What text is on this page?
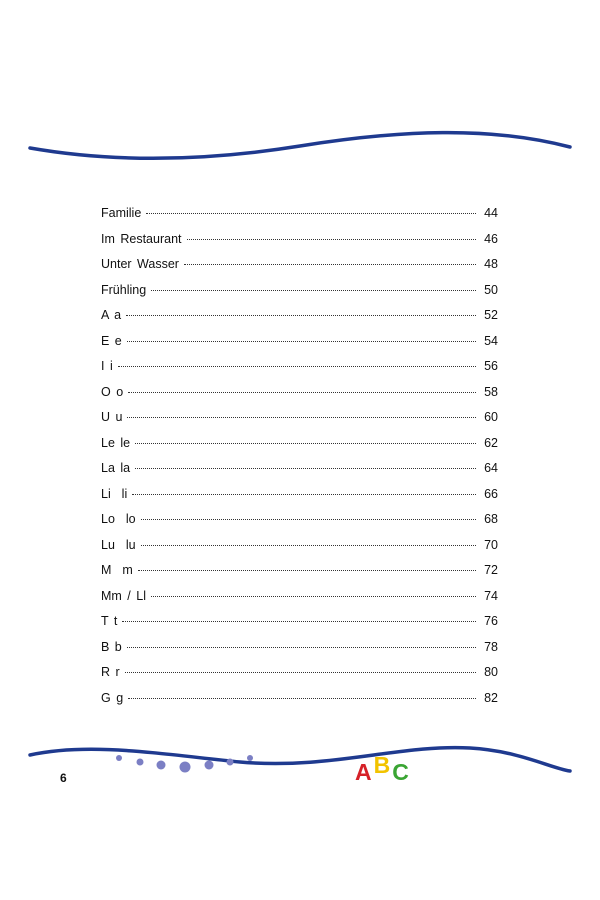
Familie	44
Im Restaurant	46
Unter Wasser	48
Frühling	50
A a	52
E e	54
I i	56
O o	58
U u	60
Le le	62
La la	64
Li  li	66
Lo  lo	68
Lu  lu	70
M  m	72
Mm / Ll	74
T t	76
B b	78
R r	80
G g	82
6	ABC
